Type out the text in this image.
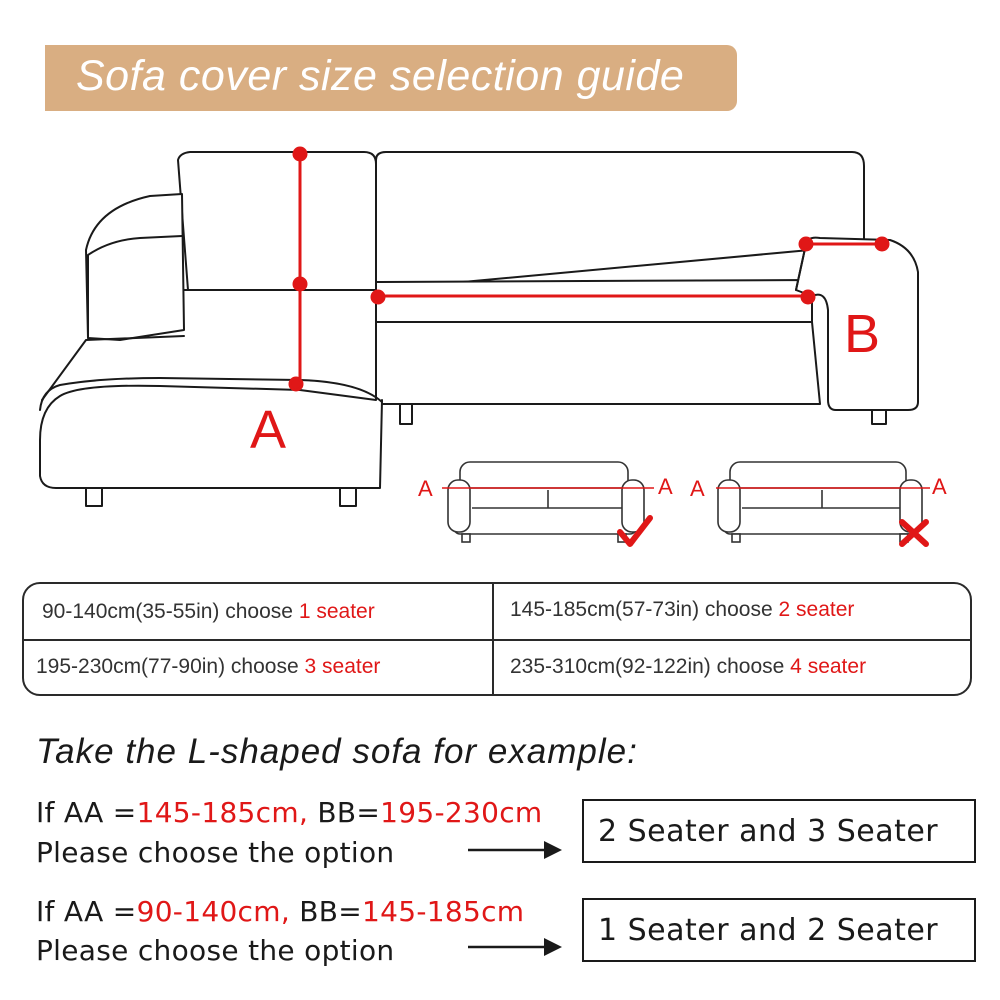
Sofa cover size selection guide
A
B
A	A A	A
90-140cm(35-55in) choose 1 seater	145-185cm(57-73in) choose 2 seater
195-230cm(77-90in) choose 3 seater	235-310cm(92-122in) choose 4 seater
Take the L-shaped sofa for example:
If AA =145-185cm, BB=195-230cm
Please choose the option
2 Seater and 3 Seater
If AA =90-140cm, BB=145-185cm
Please choose the option
1 Seater and 2 Seater
